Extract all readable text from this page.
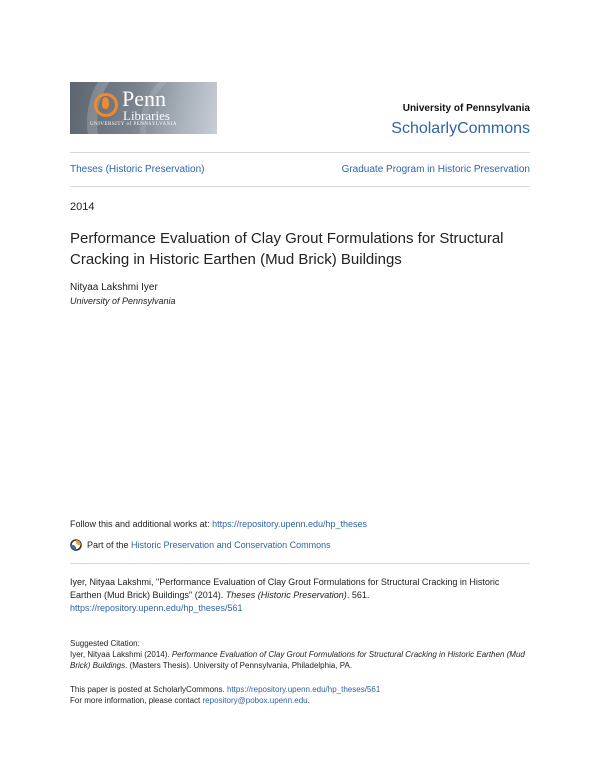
Penn
Libraries
UNIVERSITY of PENNSYLVANIA
University of Pennsylvania
ScholarlyCommons
Theses (Historic Preservation)	Graduate Program in Historic Preservation
2014
Performance Evaluation of Clay Grout Formulations for Structural Cracking in Historic Earthen (Mud Brick) Buildings
Nityaa Lakshmi Iyer
University of Pennsylvania
Follow this and additional works at: https://repository.upenn.edu/hp_theses
Part of the
Historic Preservation and Conservation Commons
Iyer, Nityaa Lakshmi, "Performance Evaluation of Clay Grout Formulations for Structural Cracking in Historic Earthen (Mud Brick) Buildings" (2014). Theses (Historic Preservation). 561.
https://repository.upenn.edu/hp_theses/561
Suggested Citation:
Iyer, Nityaa Lakshmi (2014). Performance Evaluation of Clay Grout Formulations for Structural Cracking in Historic Earthen (Mud Brick) Buildings. (Masters Thesis). University of Pennsylvania, Philadelphia, PA.
This paper is posted at ScholarlyCommons. https://repository.upenn.edu/hp_theses/561
For more information, please contact repository@pobox.upenn.edu.
